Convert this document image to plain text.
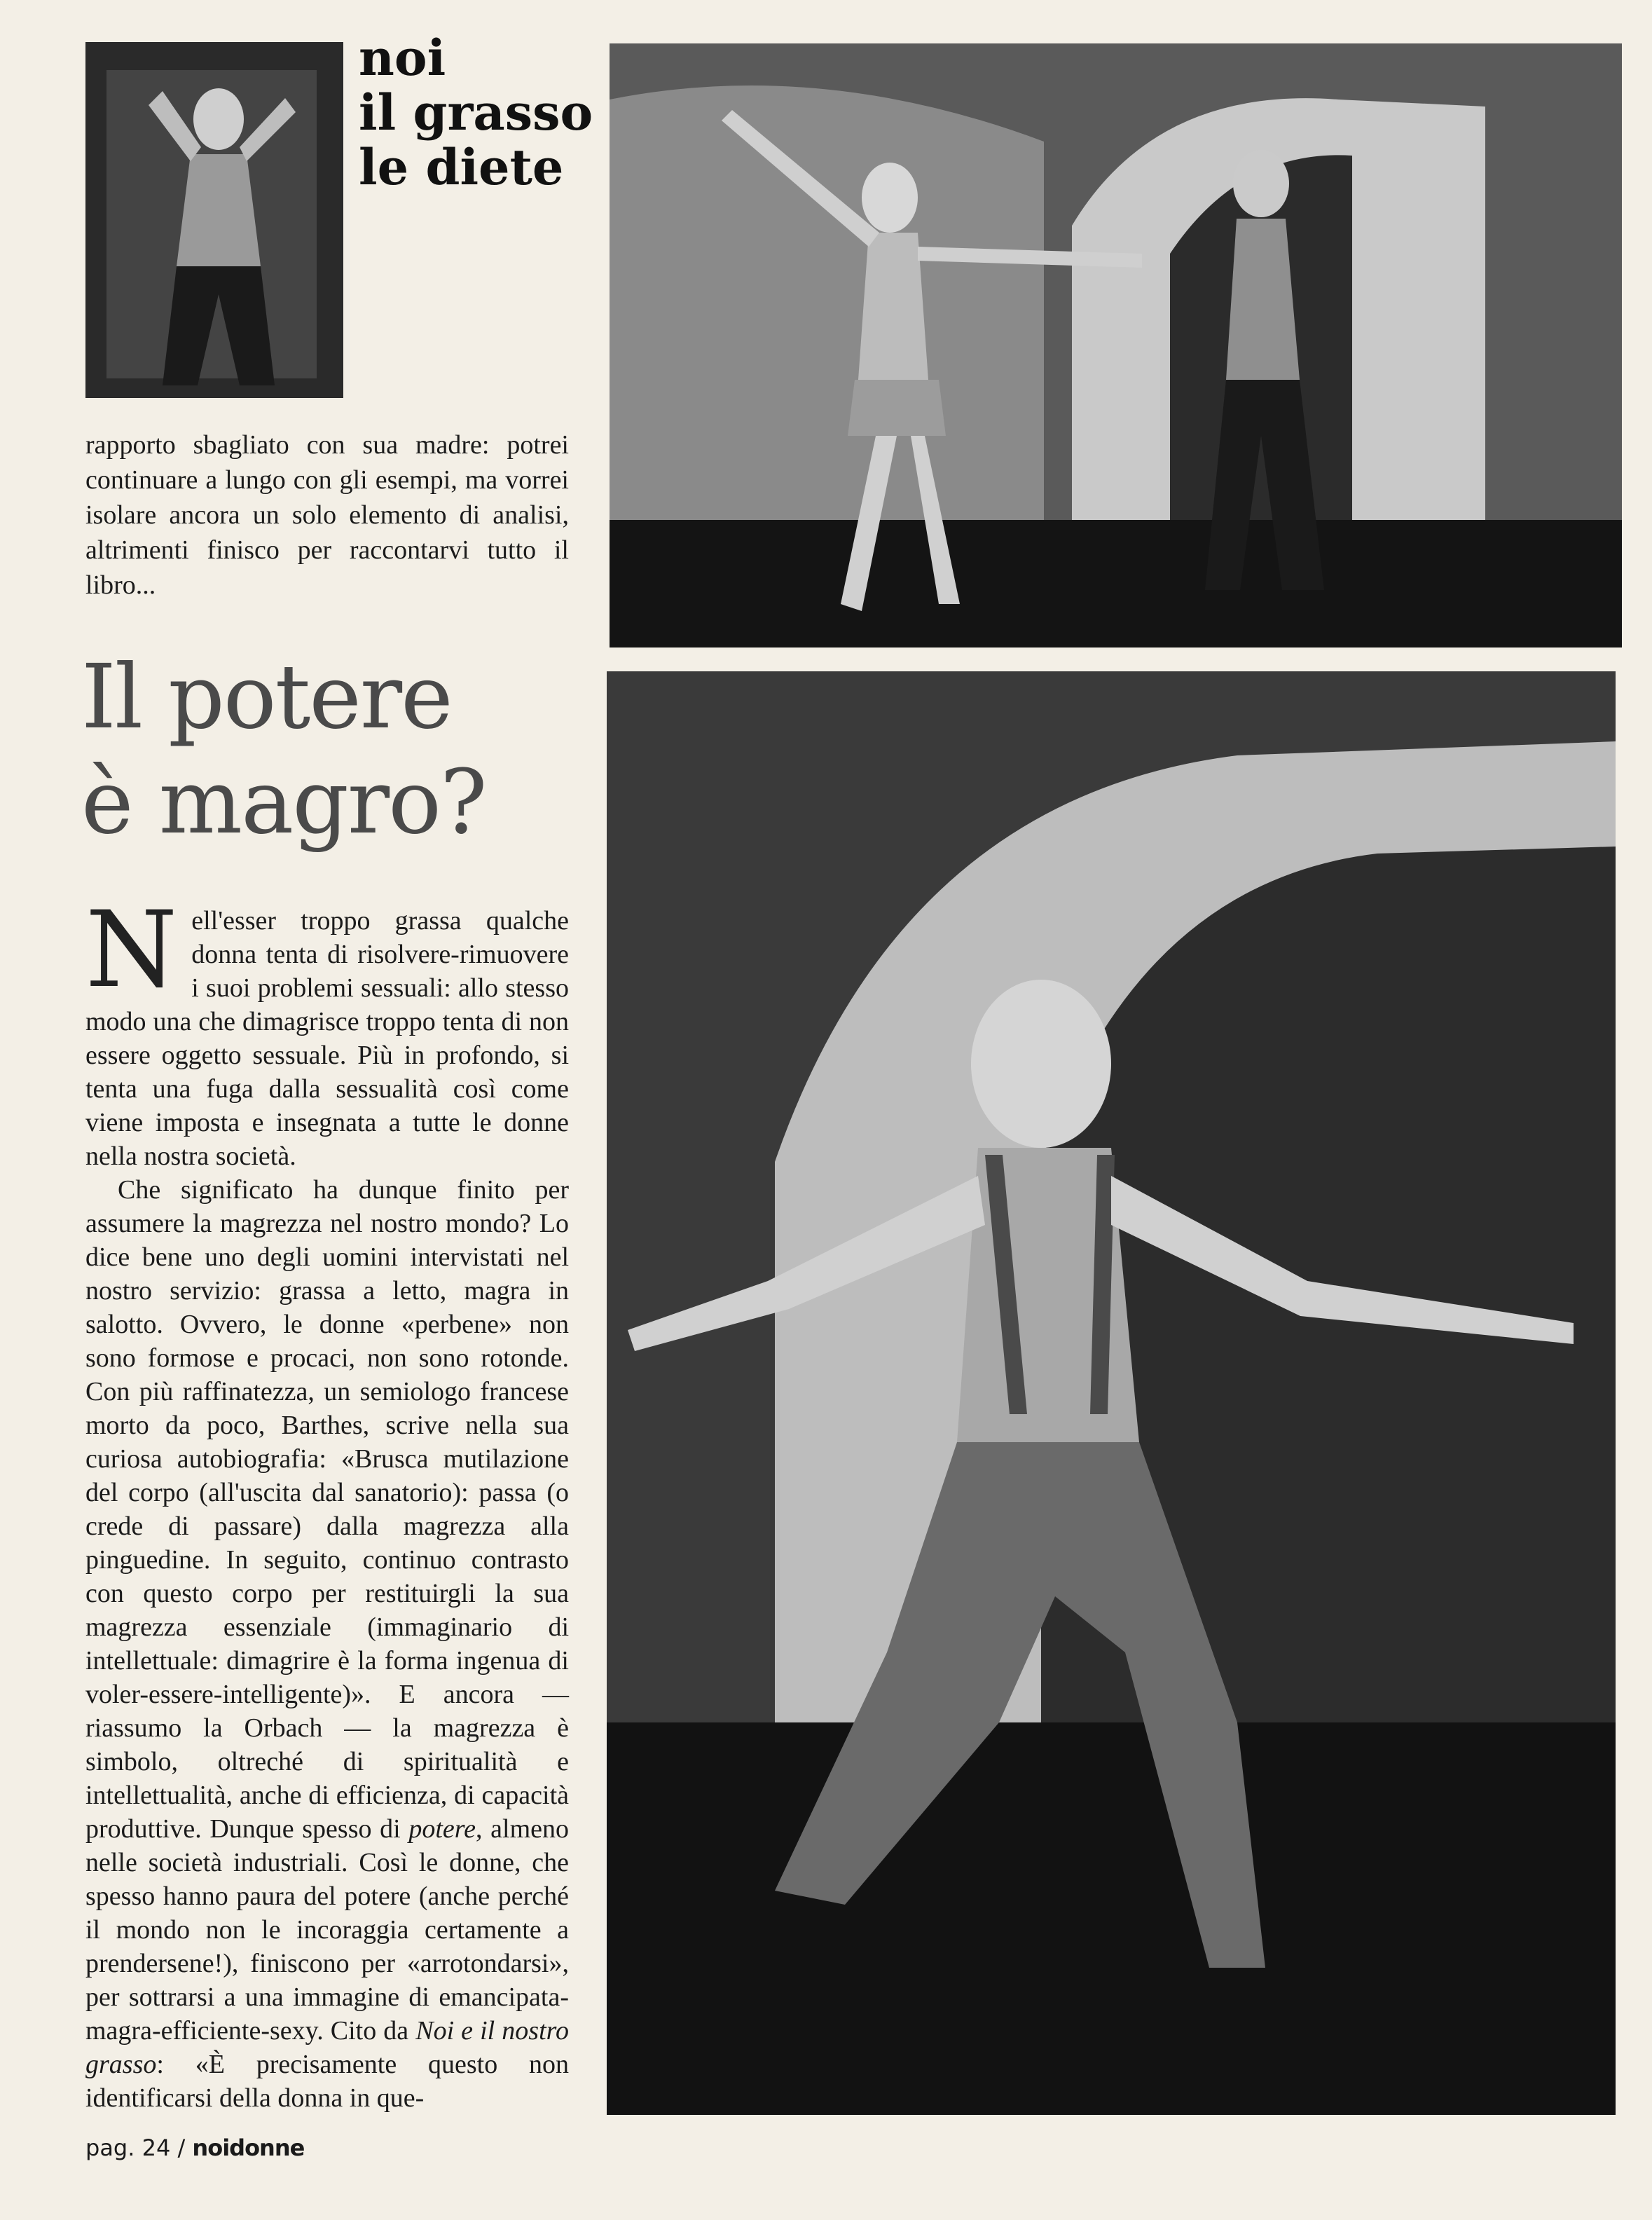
noi
il grasso
le diete
rapporto sbagliato con sua madre: potrei continuare a lungo con gli esempi, ma vorrei isolare ancora un solo elemento di analisi, altrimenti finisco per raccontarvi tutto il libro...
Il potere
è magro?

Nell'esser troppo grassa qualche donna tenta di risolvere-rimuovere i suoi problemi sessuali: allo stesso modo una che dimagrisce troppo tenta di non essere oggetto sessuale. Più in profondo, si tenta una fuga dalla sessualità così come viene imposta e insegnata a tutte le donne nella nostra società.

Che significato ha dunque finito per assumere la magrezza nel nostro mondo? Lo dice bene uno degli uomini intervistati nel nostro servizio: grassa a letto, magra in salotto. Ovvero, le donne «perbene» non sono formose e procaci, non sono rotonde. Con più raffinatezza, un semiologo francese morto da poco, Barthes, scrive nella sua curiosa autobiografia: «Brusca mutilazione del corpo (all'uscita dal sanatorio): passa (o crede di passare) dalla magrezza alla pinguedine. In seguito, continuo contrasto con questo corpo per restituirgli la sua magrezza essenziale (immaginario di intellettuale: dimagrire è la forma ingenua di voler-essere-intelligente)». E ancora — riassumo la Orbach — la magrezza è simbolo, oltreché di spiritualità e intellettualità, anche di efficienza, di capacità produttive. Dunque spesso di potere, almeno nelle società industriali. Così le donne, che spesso hanno paura del potere (anche perché il mondo non le incoraggia certamente a prendersene!), finiscono per «arrotondarsi», per sottrarsi a una immagine di emancipata-magra-efficiente-sexy. Cito da Noi e il nostro grasso: «È precisamente questo non identificarsi della donna in que-

pag. 24 / noidonne
